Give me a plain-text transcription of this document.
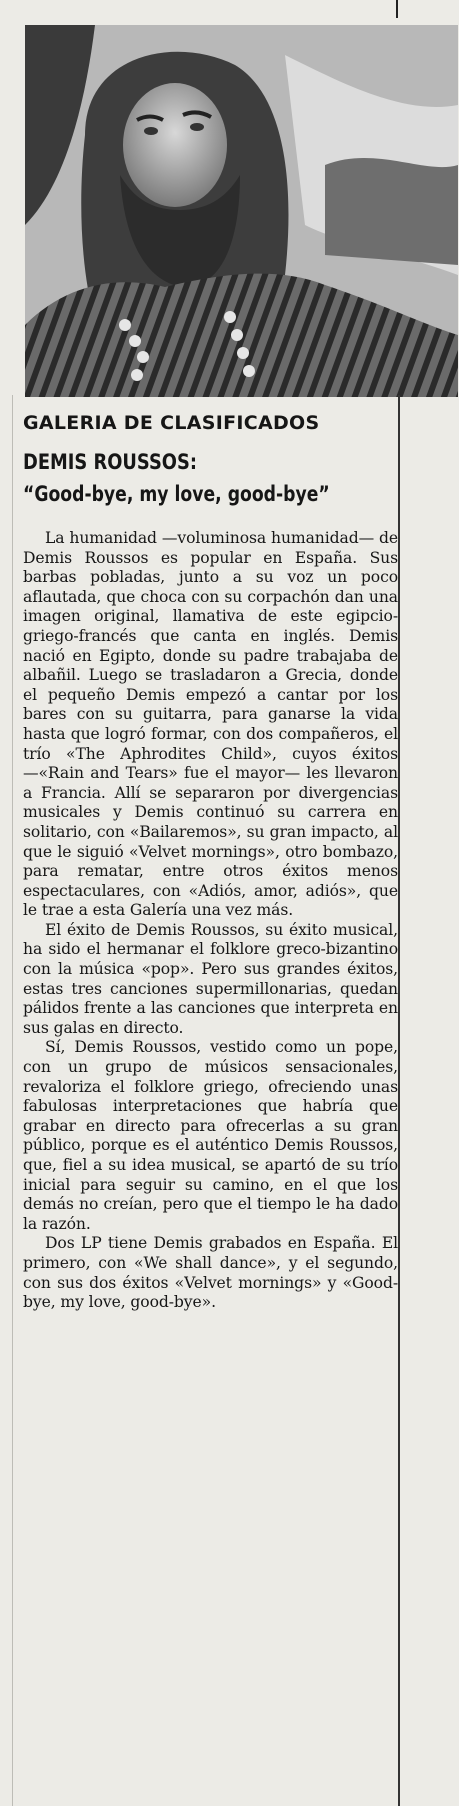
GALERIA DE CLASIFICADOS
DEMIS ROUSSOS:
“Good-bye, my love, good-bye”

La humanidad —voluminosa humanidad— de Demis Roussos es popular en España. Sus barbas pobladas, junto a su voz un poco aflautada, que choca con su corpachón dan una imagen original, llamativa de este egipcio-griego-francés que canta en inglés. Demis nació en Egipto, donde su padre trabajaba de albañil. Luego se trasladaron a Grecia, donde el pequeño Demis empezó a cantar por los bares con su guitarra, para ganarse la vida hasta que logró formar, con dos compañeros, el trío «The Aphrodites Child», cuyos éxitos —«Rain and Tears» fue el mayor— les llevaron a Francia. Allí se separaron por divergencias musicales y Demis continuó su carrera en solitario, con «Bailaremos», su gran impacto, al que le siguió «Velvet mornings», otro bombazo, para rematar, entre otros éxitos menos espectaculares, con «Adiós, amor, adiós», que le trae a esta Galería una vez más.

El éxito de Demis Roussos, su éxito musical, ha sido el hermanar el folklore greco-bizantino con la música «pop». Pero sus grandes éxitos, estas tres canciones supermillonarias, quedan pálidos frente a las canciones que interpreta en sus galas en directo.

Sí, Demis Roussos, vestido como un pope, con un grupo de músicos sensacionales, revaloriza el folklore griego, ofreciendo unas fabulosas interpretaciones que habría que grabar en directo para ofrecerlas a su gran público, porque es el auténtico Demis Roussos, que, fiel a su idea musical, se apartó de su trío inicial para seguir su camino, en el que los demás no creían, pero que el tiempo le ha dado la razón.

Dos LP tiene Demis grabados en España. El primero, con «We shall dance», y el segundo, con sus dos éxitos «Velvet mornings» y «Good-bye, my love, good-bye».
